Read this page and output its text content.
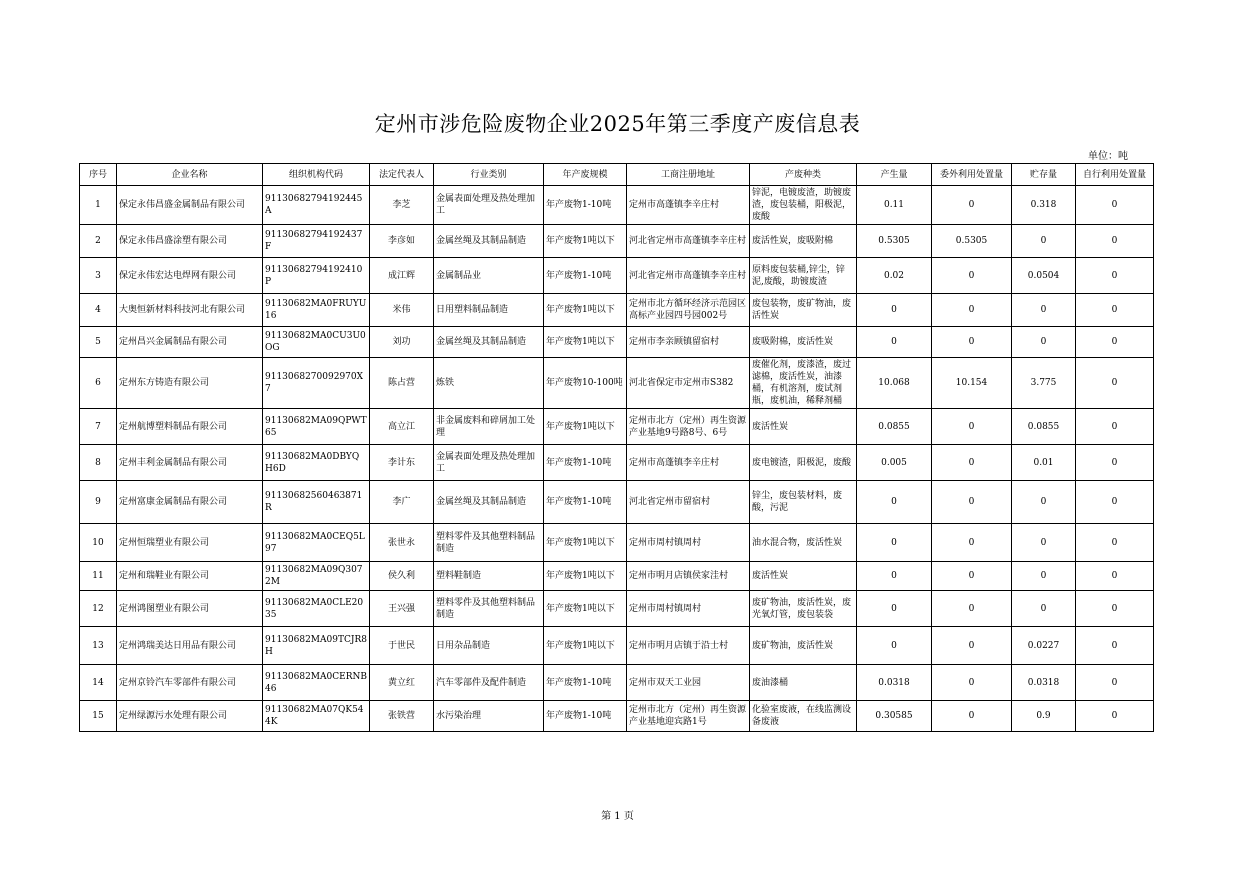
定州市涉危险废物企业2025年第三季度产废信息表
单位：吨
序号	企业名称	组织机构代码	法定代表人	行业类别	年产废规模	工商注册地址	产废种类	产生量	委外利用处置量	贮存量	自行利用处置量
1	保定永伟昌盛金属制品有限公司	9113068279419​2445A	李芝	金属表面处理及热处理加工	年产废物1-10吨	定州市高蓬镇李辛庄村	锌泥，电镀废渣，助镀废渣，废包装桶，阳极泥，废酸	0.11	0	0.318	0
2	保定永伟昌盛涂塑有限公司	91130682794192437F	李彦如	金属丝绳及其制品制造	年产废物1吨以下	河北省定州市高蓬镇李辛庄村	废活性炭，废吸附棉	0.5305	0.5305	0	0
3	保定永伟宏达电焊网有限公司	91130682794192410P	成江辉	金属制品业	年产废物1-10吨	河北省定州市高蓬镇李辛庄村	原料废包装桶,锌尘，锌泥,废酸，助镀废渣	0.02	0	0.0504	0
4	大奥恒新材料科技河北有限公司	91130682MA0FRUYU16	米伟	日用塑料制品制造	年产废物1吨以下	定州市北方循环经济示范园区高标产业园四号园002号	废包装物，废矿物油，废活性炭	0	0	0	0
5	定州昌兴金属制品有限公司	91130682MA0CU3U0OG	刘功	金属丝绳及其制品制造	年产废物1吨以下	定州市李亲顾镇留宿村	废吸附棉，废活性炭	0	0	0	0
6	定州东方铸造有限公司	91130682700929​70X7	陈占营	炼铁	年产废物10-100吨	河北省保定市定州市S382	废催化剂，废漆渣，废过滤棉，废活性炭，油漆桶，有机溶剂，废试剂瓶，废机油，稀释剂桶	10.068	10.154	3.775	0
7	定州航博塑料制品有限公司	91130682MA09QPWT65	高立江	非金属废料和碎屑加工处理	年产废物1吨以下	定州市北方（定州）再生资源产业基地9号路8号、6号	废活性炭	0.0855	0	0.0855	0
8	定州丰利金属制品有限公司	91130682MA0DBYQH6D	李计东	金属表面处理及热处理加工	年产废物1-10吨	定州市高蓬镇李辛庄村	废电镀渣，阳极泥，废酸	0.005	0	0.01	0
9	定州富康金属制品有限公司	91130682560463871R	李广	金属丝绳及其制品制造	年产废物1-10吨	河北省定州市留宿村	锌尘，废包装材料，废酸，污泥	0	0	0	0
10	定州恒瑞塑业有限公司	91130682MA0CEQ5L97	张世永	塑料零件及其他塑料制品制造	年产废物1吨以下	定州市周村镇周村	油水混合物，废活性炭	0	0	0	0
11	定州和瑞鞋业有限公司	91130682MA09Q3072M	侯久利	塑料鞋制造	年产废物1吨以下	定州市明月店镇侯家洼村	废活性炭	0	0	0	0
12	定州鸿图塑业有限公司	91130682MA0CLE2035	王兴强	塑料零件及其他塑料制品制造	年产废物1吨以下	定州市周村镇周村	废矿物油，废活性炭，废光氧灯管，废包装袋	0	0	0	0
13	定州鸿瑞美达日用品有限公司	91130682MA09TCJR8H	于世民	日用杂品制造	年产废物1吨以下	定州市明月店镇于沿士村	废矿物油，废活性炭	0	0	0.0227	0
14	定州京铃汽车零部件有限公司	91130682MA0CERNB46	黄立红	汽车零部件及配件制造	年产废物1-10吨	定州市双天工业园	废油漆桶	0.0318	0	0.0318	0
15	定州绿源污水处理有限公司	91130682MA07QK544K	张铁营	水污染治理	年产废物1-10吨	定州市北方（定州）再生资源产业基地迎宾路1号	化验室废液，在线监测设备废液	0.30585	0	0.9	0
第 1 页
